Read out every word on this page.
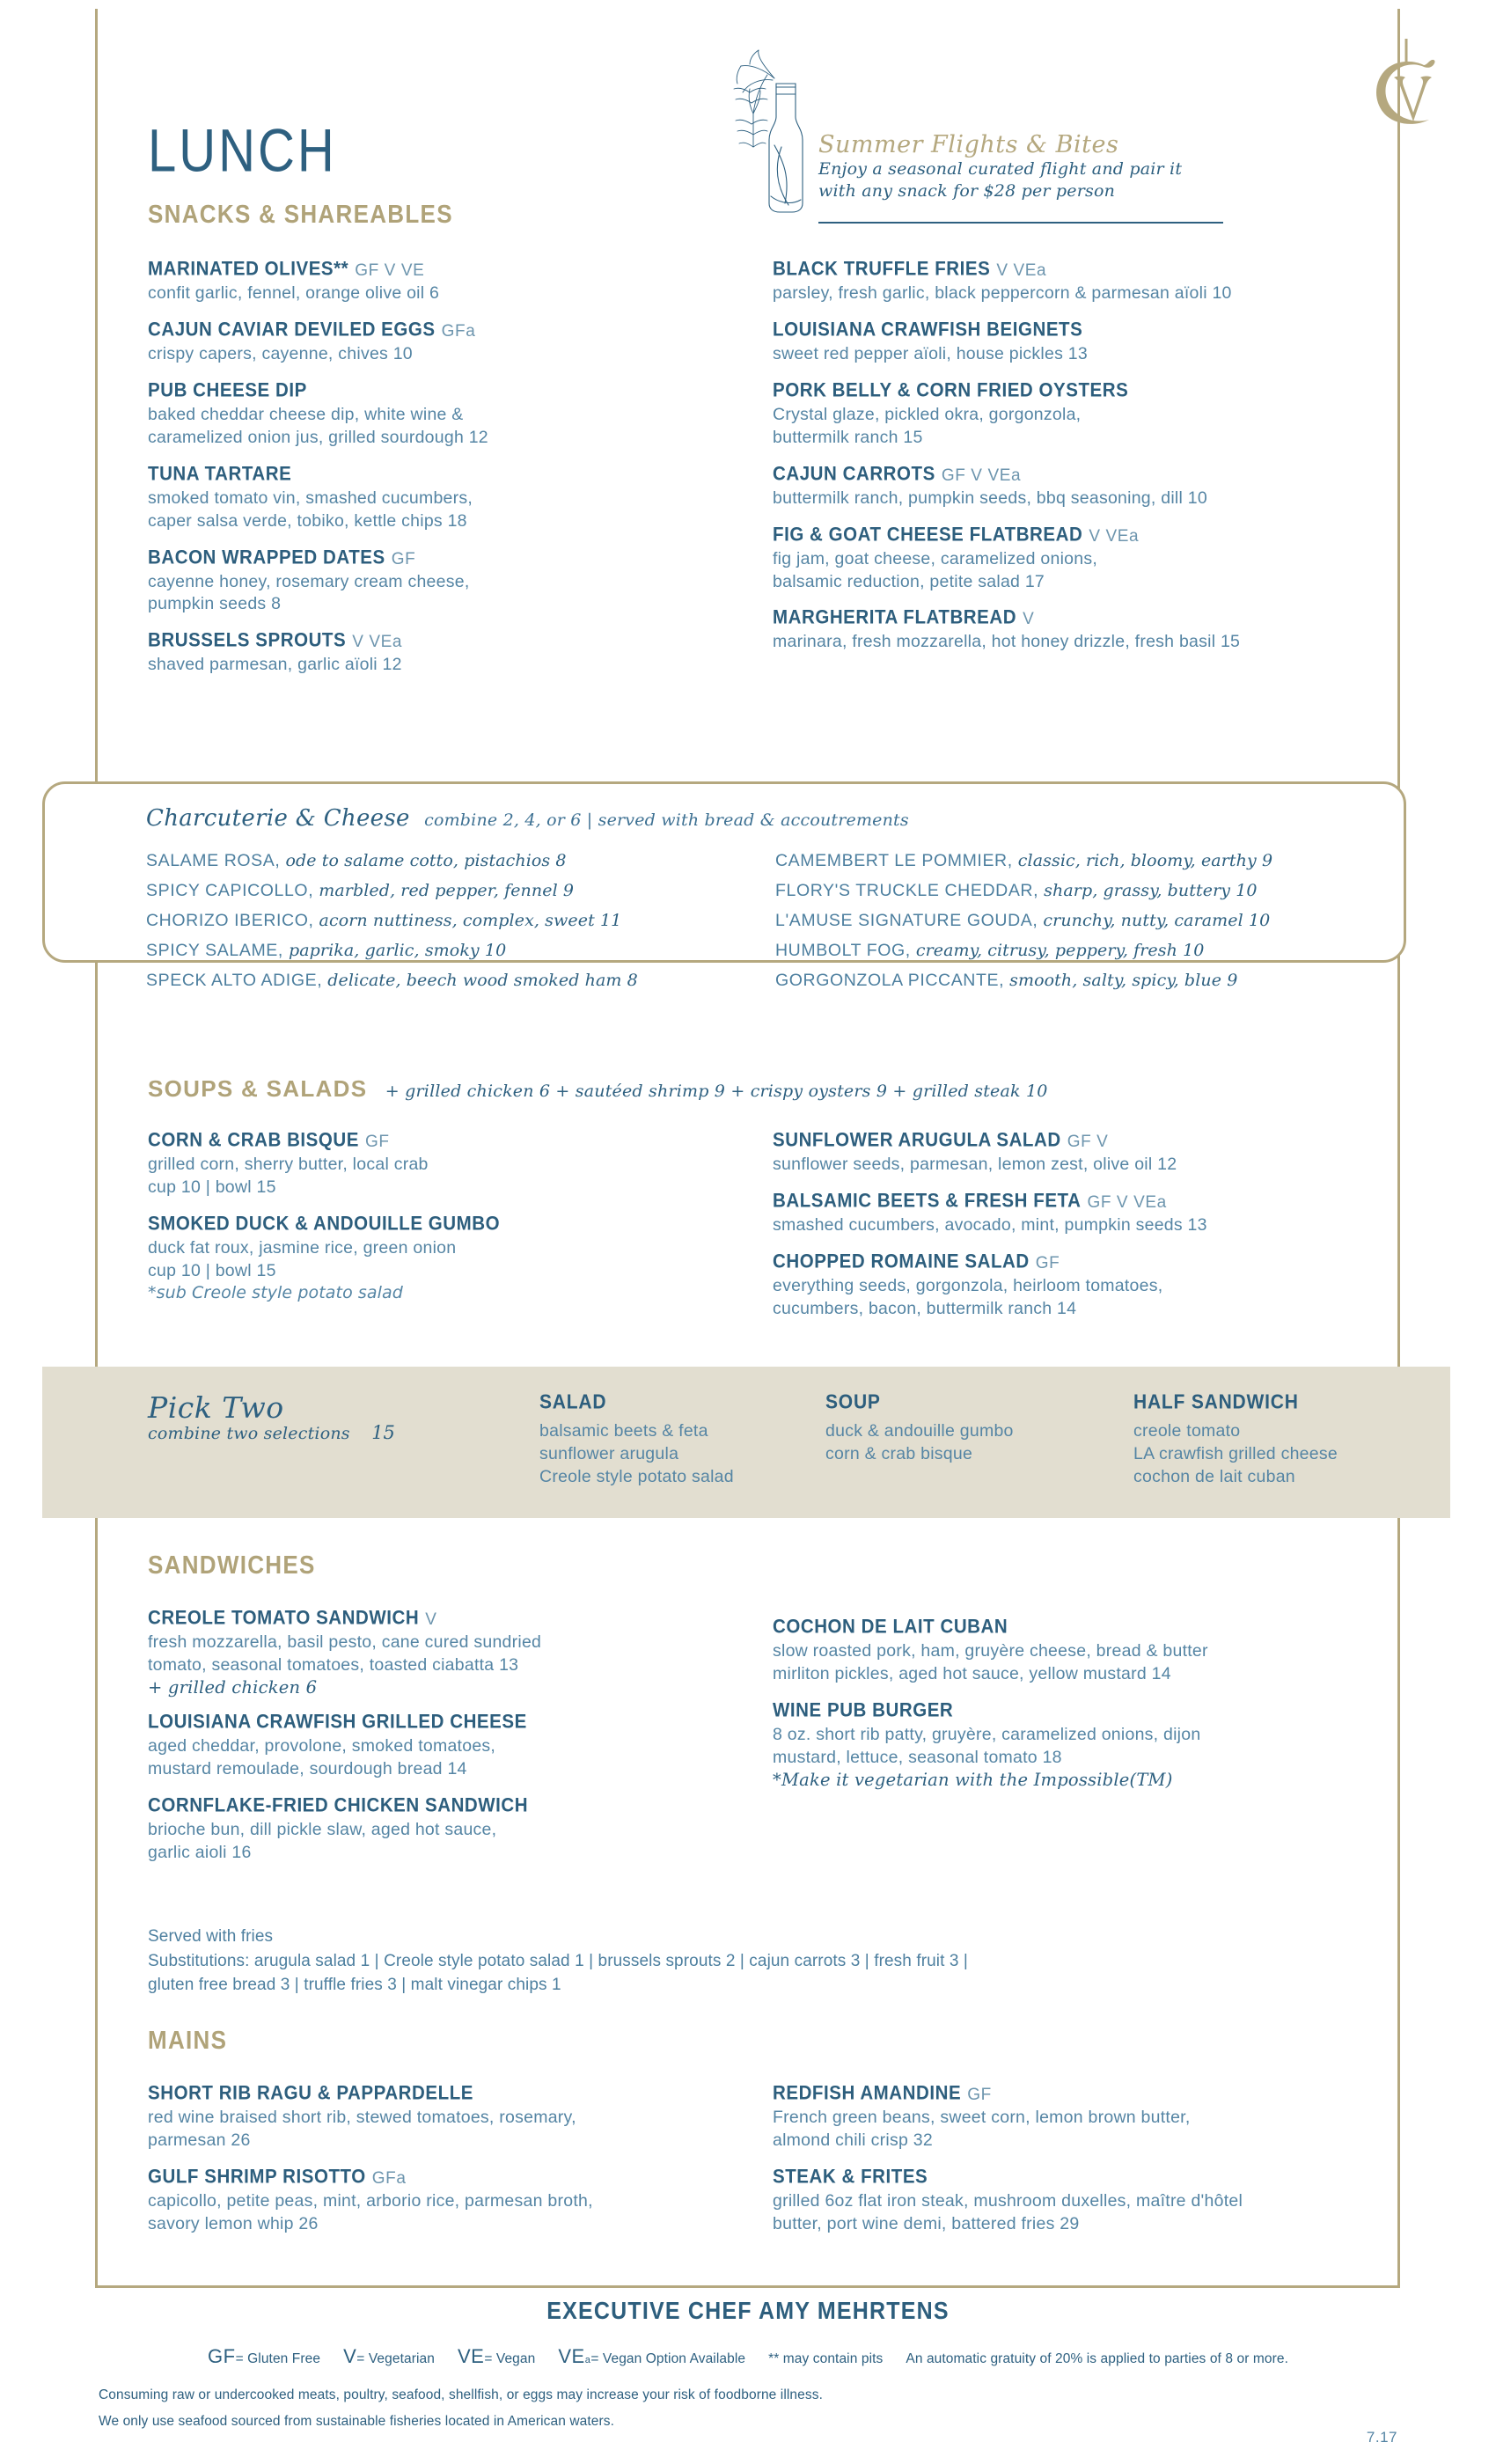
LUNCH	Summer Flights & Bites
Enjoy a seasonal curated flight and pair it
with any snack for $28 per person
SNACKS & SHAREABLES
MARINATED OLIVES** GF V VE
confit garlic, fennel, orange olive oil 6
CAJUN CAVIAR DEVILED EGGS GFa
crispy capers, cayenne, chives 10
PUB CHEESE DIP
baked cheddar cheese dip, white wine &
caramelized onion jus, grilled sourdough 12
TUNA TARTARE
smoked tomato vin, smashed cucumbers,
caper salsa verde, tobiko, kettle chips 18
BACON WRAPPED DATES GF
cayenne honey, rosemary cream cheese,
pumpkin seeds 8
BRUSSELS SPROUTS V VEa
shaved parmesan, garlic aïoli 12
BLACK TRUFFLE FRIES V VEa
parsley, fresh garlic, black peppercorn & parmesan aïoli 10
LOUISIANA CRAWFISH BEIGNETS
sweet red pepper aïoli, house pickles 13
PORK BELLY & CORN FRIED OYSTERS
Crystal glaze, pickled okra, gorgonzola,
buttermilk ranch 15
CAJUN CARROTS GF V VEa
buttermilk ranch, pumpkin seeds, bbq seasoning, dill 10
FIG & GOAT CHEESE FLATBREAD V VEa
fig jam, goat cheese, caramelized onions,
balsamic reduction, petite salad 17
MARGHERITA FLATBREAD V
marinara, fresh mozzarella, hot honey drizzle, fresh basil 15
Charcuterie & Cheese combine 2, 4, or 6 | served with bread & accoutrements
SALAME ROSA, ode to salame cotto, pistachios 8
SPICY CAPICOLLO, marbled, red pepper, fennel 9
CHORIZO IBERICO, acorn nuttiness, complex, sweet 11
SPICY SALAME, paprika, garlic, smoky 10
SPECK ALTO ADIGE, delicate, beech wood smoked ham 8
CAMEMBERT LE POMMIER, classic, rich, bloomy, earthy 9
FLORY'S TRUCKLE CHEDDAR, sharp, grassy, buttery 10
L'AMUSE SIGNATURE GOUDA, crunchy, nutty, caramel 10
HUMBOLT FOG, creamy, citrusy, peppery, fresh 10
GORGONZOLA PICCANTE, smooth, salty, spicy, blue 9
SOUPS & SALADS + grilled chicken 6 + sautéed shrimp 9 + crispy oysters 9 + grilled steak 10
CORN & CRAB BISQUE GF
grilled corn, sherry butter, local crab
cup 10 | bowl 15
SMOKED DUCK & ANDOUILLE GUMBO
duck fat roux, jasmine rice, green onion
cup 10 | bowl 15
*sub Creole style potato salad
SUNFLOWER ARUGULA SALAD GF V
sunflower seeds, parmesan, lemon zest, olive oil 12
BALSAMIC BEETS & FRESH FETA GF V VEa
smashed cucumbers, avocado, mint, pumpkin seeds 13
CHOPPED ROMAINE SALAD GF
everything seeds, gorgonzola, heirloom tomatoes,
cucumbers, bacon, buttermilk ranch 14
Pick Two
combine two selections 15
SALAD
balsamic beets & feta
sunflower arugula
Creole style potato salad
SOUP
duck & andouille gumbo
corn & crab bisque
HALF SANDWICH
creole tomato
LA crawfish grilled cheese
cochon de lait cuban
SANDWICHES
CREOLE TOMATO SANDWICH V
fresh mozzarella, basil pesto, cane cured sundried
tomato, seasonal tomatoes, toasted ciabatta 13
+ grilled chicken 6
LOUISIANA CRAWFISH GRILLED CHEESE
aged cheddar, provolone, smoked tomatoes,
mustard remoulade, sourdough bread 14
CORNFLAKE-FRIED CHICKEN SANDWICH
brioche bun, dill pickle slaw, aged hot sauce,
garlic aioli 16
COCHON DE LAIT CUBAN
slow roasted pork, ham, gruyère cheese, bread & butter
mirliton pickles, aged hot sauce, yellow mustard 14
WINE PUB BURGER
8 oz. short rib patty, gruyère, caramelized onions, dijon
mustard, lettuce, seasonal tomato 18
*Make it vegetarian with the Impossible(TM)
Served with fries
Substitutions: arugula salad 1 | Creole style potato salad 1 | brussels sprouts 2 | cajun carrots 3 | fresh fruit 3 |
gluten free bread 3 | truffle fries 3 | malt vinegar chips 1
MAINS
SHORT RIB RAGU & PAPPARDELLE
red wine braised short rib, stewed tomatoes, rosemary,
parmesan 26
GULF SHRIMP RISOTTO GFa
capicollo, petite peas, mint, arborio rice, parmesan broth,
savory lemon whip 26
REDFISH AMANDINE GF
French green beans, sweet corn, lemon brown butter,
almond chili crisp 32
STEAK & FRITES
grilled 6oz flat iron steak, mushroom duxelles, maître d'hôtel
butter, port wine demi, battered fries 29
EXECUTIVE CHEF AMY MEHRTENS
GF= Gluten Free V= Vegetarian VE= Vegan VEa= Vegan Option Available ** may contain pits An automatic gratuity of 20% is applied to parties of 8 or more.
Consuming raw or undercooked meats, poultry, seafood, shellfish, or eggs may increase your risk of foodborne illness.
We only use seafood sourced from sustainable fisheries located in American waters.
7.17
